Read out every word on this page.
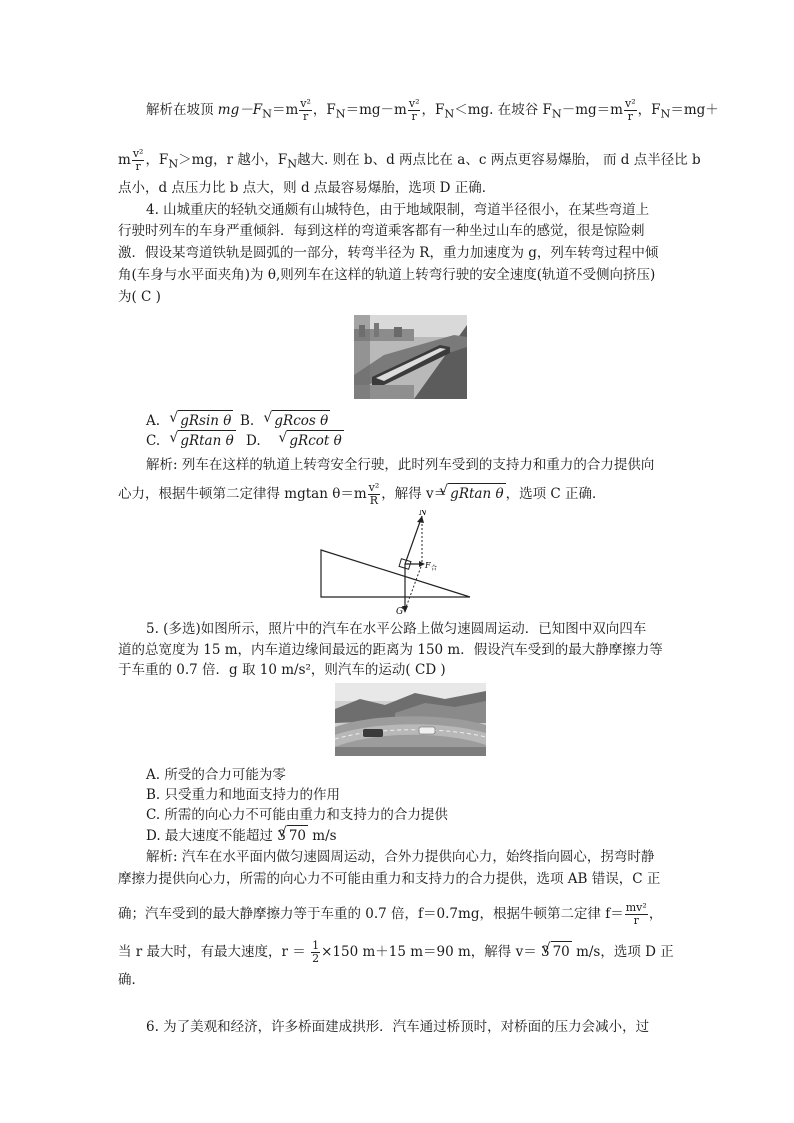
解析在坡顶 $mg-F_N=m \frac{\text{v²}}{r}$ ，$F_N=mg-m \frac{\text{v²}}{r}$ ，$F_N<mg$. 在坡谷 $F_N-mg=m \frac{\text{v²}}{r}$ ，$F_N=mg+$
m $\frac{\text{v²}}{r}$ ，$F_N>mg$，r 越小，$F_N$越大. 则在 b、d 两点比在 a、c 两点更容易爆胎， 而 d 点半径比 b
点小，d 点压力比 b 点大，则 d 点最容易爆胎，选项 D 正确．
4. 山城重庆的轻轨交通颇有山城特色，由于地域限制，弯道半径很小，在某些弯道上
行驶时列车的车身严重倾斜．每到这样的弯道乘客都有一种坐过山车的感觉，很是惊险刺
激．假设某弯道铁轨是圆弧的一部分，转弯半径为 R，重力加速度为 g，列车转弯过程中倾
角(车身与水平面夹角)为 θ,则列车在这样的轨道上转弯行驶的安全速度(轨道不受侧向挤压)
为( C )
A. √ gRsin θ B. √ gRcos θ
C. √ gRtan θ D. √ gRcot θ
解析: 列车在这样的轨道上转弯安全行驶，此时列车受到的支持力和重力的合力提供向
心力，根据牛顿第二定律得 mgtan $\theta=m \frac{\text{v²}}{R}$ ，解得 v＝ √ gRtan θ ，选项 C 正确．
N
G
F 合
5. (多选)如图所示，照片中的汽车在水平公路上做匀速圆周运动．已知图中双向四车
道的总宽度为 15 m，内车道边缘间最远的距离为 150 m．假设汽车受到的最大静摩擦力等
于车重的 0.7 倍．g 取 10 m/s²，则汽车的运动( CD )
A. 所受的合力可能为零
B. 只受重力和地面支持力的作用
C. 所需的向心力不可能由重力和支持力的合力提供
D. 最大速度不能超过 3 √ 70 m/s
解析: 汽车在水平面内做匀速圆周运动，合外力提供向心力，始终指向圆心，拐弯时静
摩擦力提供向心力，所需的向心力不可能由重力和支持力的合力提供，选项 AB 错误，C 正
确；汽车受到的最大静摩擦力等于车重的 0.7 倍，f＝0.7mg，根据牛顿第二定律 $f= \frac{\text{mv²}}{r}$ ，
当 r 最大时，有最大速度，$r = \frac{1}{2} \times 150$ m＋15 m＝90 m，解得 v＝ 3 √ 70 m/s，选项 D 正
确．
6. 为了美观和经济，许多桥面建成拱形．汽车通过桥顶时，对桥面的压力会减小，过
